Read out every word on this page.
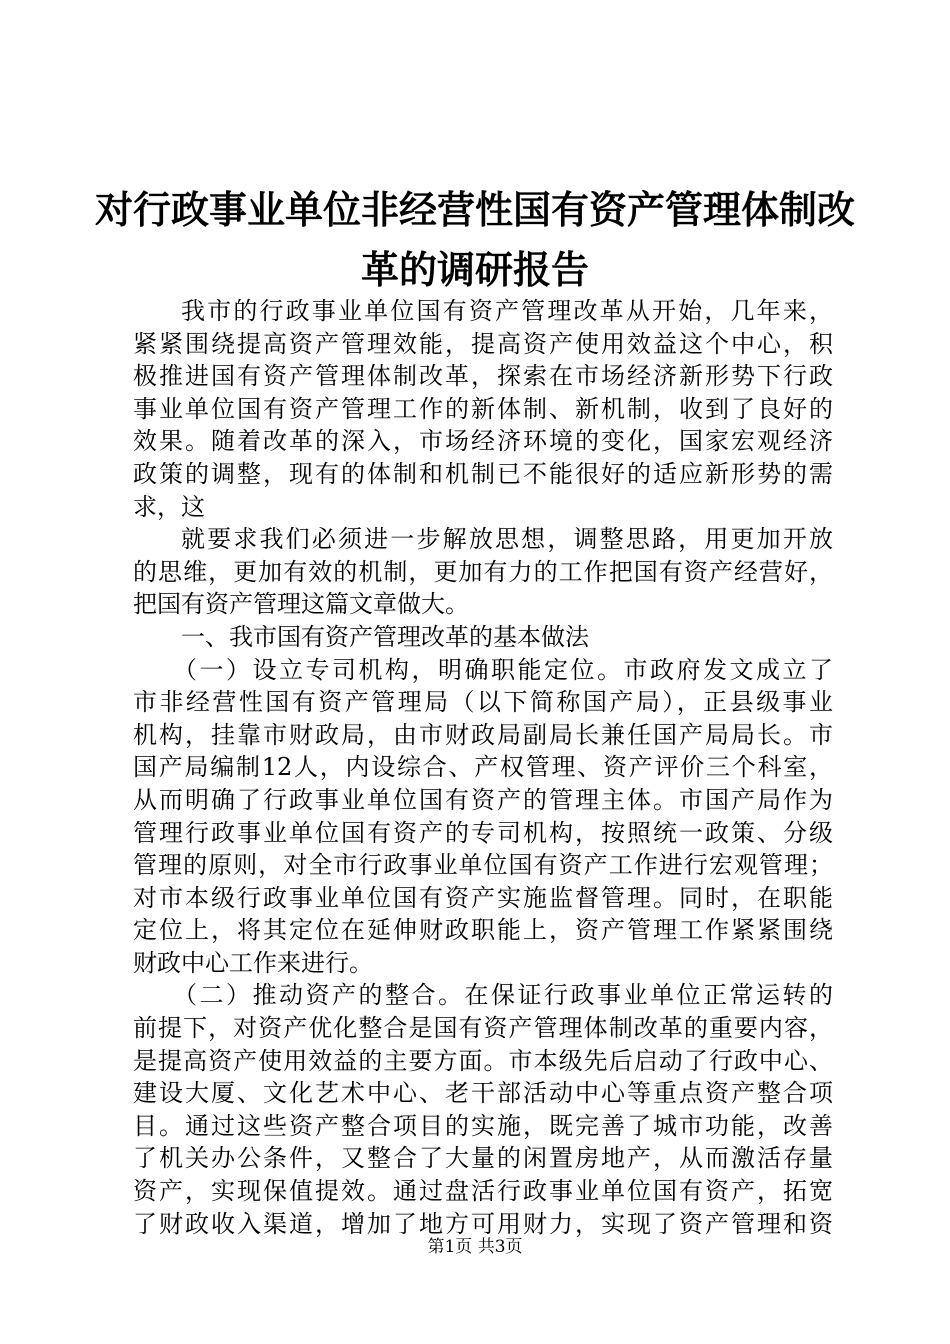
对行政事业单位非经营性国有资产管理体制改
革的调研报告
我市的行政事业单位国有资产管理改革从开始，几年来，
紧紧围绕提高资产管理效能，提高资产使用效益这个中心，积
极推进国有资产管理体制改革，探索在市场经济新形势下行政
事业单位国有资产管理工作的新体制、新机制，收到了良好的
效果。随着改革的深入，市场经济环境的变化，国家宏观经济
政策的调整，现有的体制和机制已不能很好的适应新形势的需
求，这
就要求我们必须进一步解放思想，调整思路，用更加开放
的思维，更加有效的机制，更加有力的工作把国有资产经营好，
把国有资产管理这篇文章做大。
一、我市国有资产管理改革的基本做法
（一）设立专司机构，明确职能定位。市政府发文成立了
市非经营性国有资产管理局（以下简称国产局），正县级事业
机构，挂靠市财政局，由市财政局副局长兼任国产局局长。市
国产局编制12人，内设综合、产权管理、资产评价三个科室，
从而明确了行政事业单位国有资产的管理主体。市国产局作为
管理行政事业单位国有资产的专司机构，按照统一政策、分级
管理的原则，对全市行政事业单位国有资产工作进行宏观管理；
对市本级行政事业单位国有资产实施监督管理。同时，在职能
定位上，将其定位在延伸财政职能上，资产管理工作紧紧围绕
财政中心工作来进行。
（二）推动资产的整合。在保证行政事业单位正常运转的
前提下，对资产优化整合是国有资产管理体制改革的重要内容，
是提高资产使用效益的主要方面。市本级先后启动了行政中心、
建设大厦、文化艺术中心、老干部活动中心等重点资产整合项
目。通过这些资产整合项目的实施，既完善了城市功能，改善
了机关办公条件，又整合了大量的闲置房地产，从而激活存量
资产，实现保值提效。通过盘活行政事业单位国有资产，拓宽
了财政收入渠道，增加了地方可用财力，实现了资产管理和资
第1页 共3页
